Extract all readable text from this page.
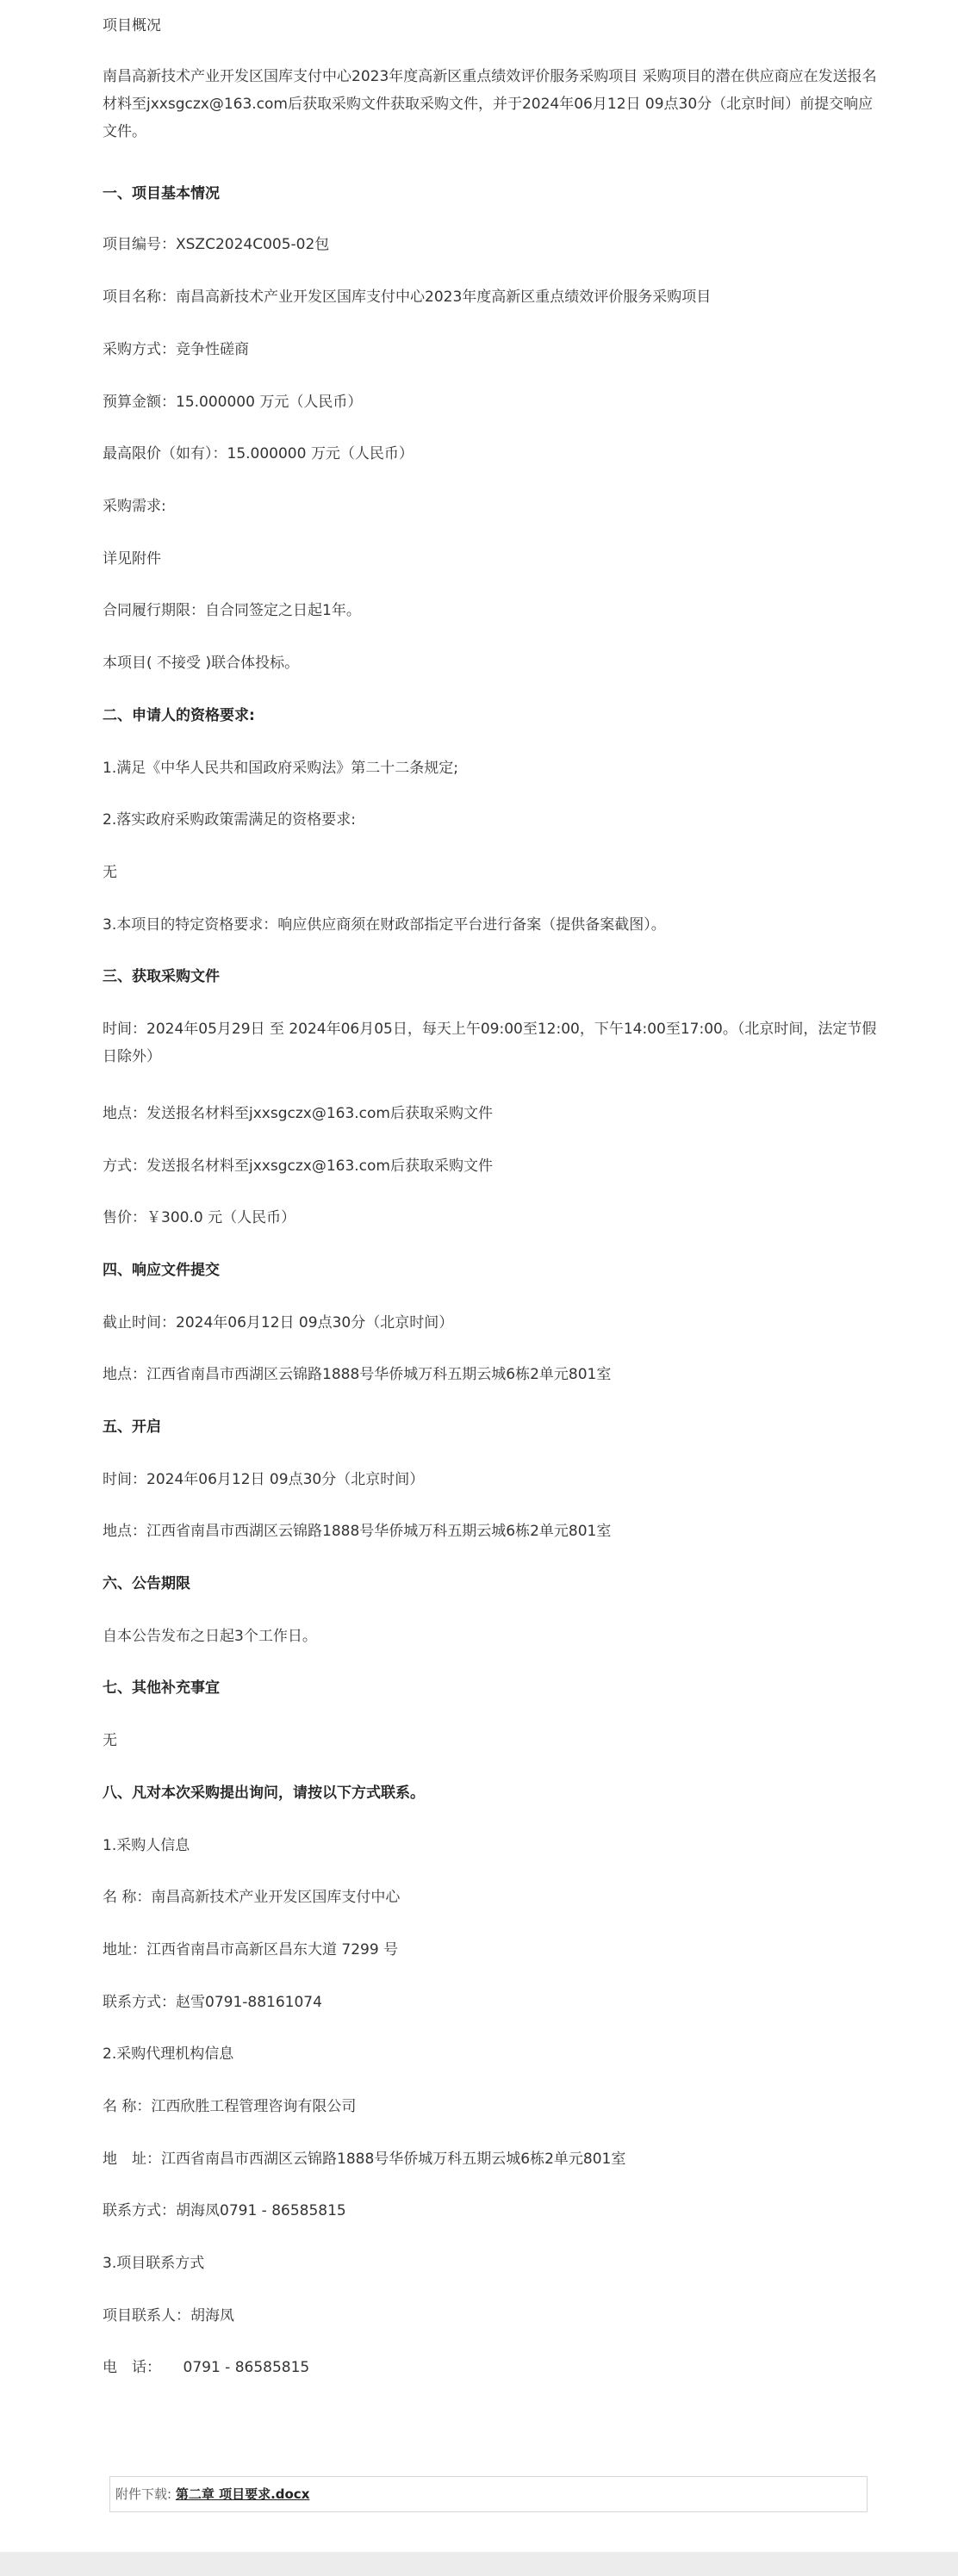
项目概况

南昌高新技术产业开发区国库支付中心2023年度高新区重点绩效评价服务采购项目 采购项目的潜在供应商应在发送报名材料至jxxsgczx@163.com后获取采购文件获取采购文件，并于2024年06月12日 09点30分（北京时间）前提交响应文件。

一、项目基本情况

项目编号：XSZC2024C005-02包

项目名称：南昌高新技术产业开发区国库支付中心2023年度高新区重点绩效评价服务采购项目

采购方式：竞争性磋商

预算金额：15.000000 万元（人民币）

最高限价（如有）：15.000000 万元（人民币）

采购需求:

详见附件

合同履行期限：自合同签定之日起1年。

本项目( 不接受 )联合体投标。

二、申请人的资格要求:

1.满足《中华人民共和国政府采购法》第二十二条规定;

2.落实政府采购政策需满足的资格要求:

无

3.本项目的特定资格要求：响应供应商须在财政部指定平台进行备案（提供备案截图）。

三、获取采购文件

时间：2024年05月29日 至 2024年06月05日，每天上午09:00至12:00，下午14:00至17:00。（北京时间，法定节假日除外）

地点：发送报名材料至jxxsgczx@163.com后获取采购文件

方式：发送报名材料至jxxsgczx@163.com后获取采购文件

售价：￥300.0 元（人民币）

四、响应文件提交

截止时间：2024年06月12日 09点30分（北京时间）

地点：江西省南昌市西湖区云锦路1888号华侨城万科五期云城6栋2单元801室

五、开启

时间：2024年06月12日 09点30分（北京时间）

地点：江西省南昌市西湖区云锦路1888号华侨城万科五期云城6栋2单元801室

六、公告期限

自本公告发布之日起3个工作日。

七、其他补充事宜

无

八、凡对本次采购提出询问，请按以下方式联系。

1.采购人信息

名 称：南昌高新技术产业开发区国库支付中心

地址：江西省南昌市高新区昌东大道 7299 号

联系方式：赵雪0791-88161074

2.采购代理机构信息

名 称：江西欣胜工程管理咨询有限公司

地　址：江西省南昌市西湖区云锦路1888号华侨城万科五期云城6栋2单元801室

联系方式：胡海凤0791 - 86585815

3.项目联系方式

项目联系人：胡海凤

电　话：　　0791 - 86585815

附件下载: 第二章 项目要求.docx
